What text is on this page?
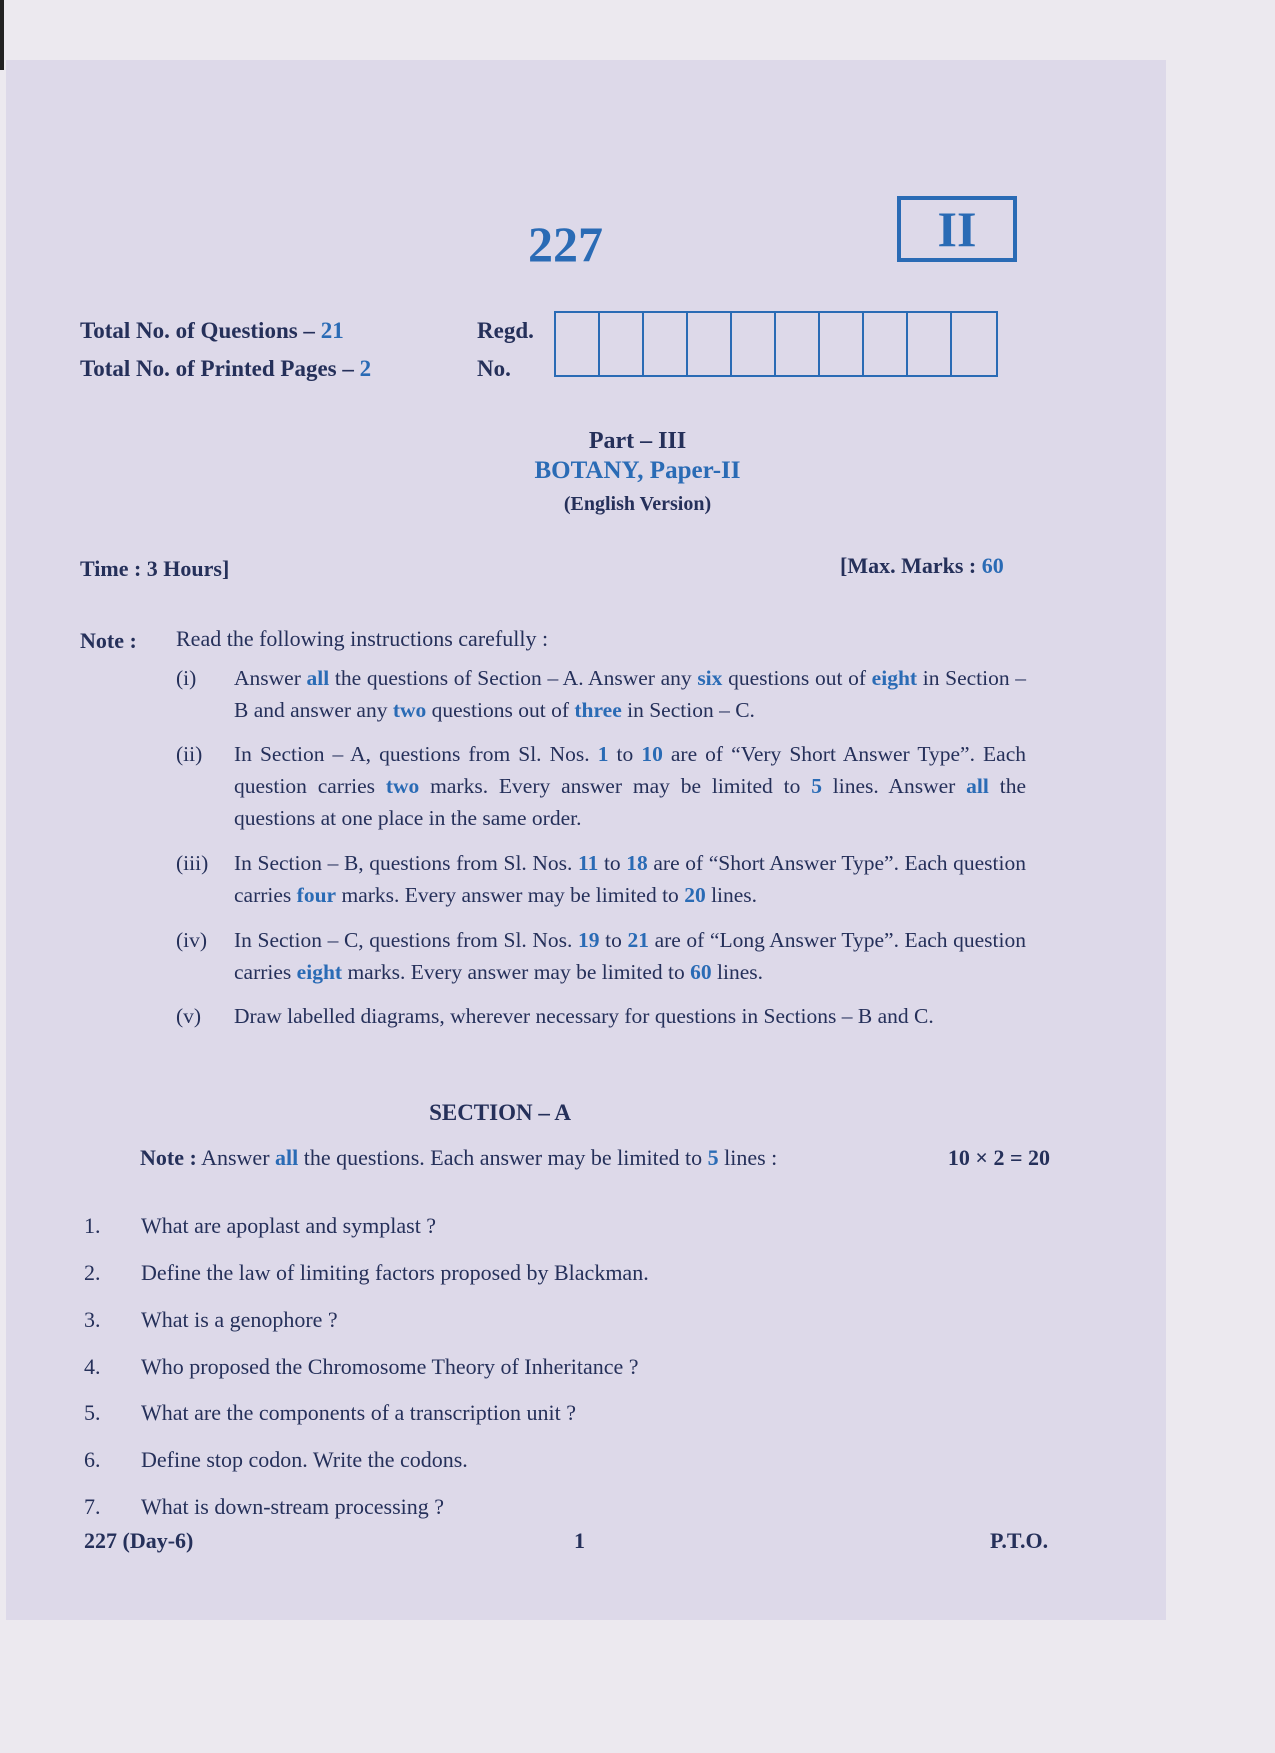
227	II
Total No. of Questions – 21
Total No. of Printed Pages – 2
Regd.
No.
Part – III
BOTANY, Paper-II
(English Version)
Time : 3 Hours]	[Max. Marks : 60
Note : Read the following instructions carefully :
(i)	Answer all the questions of Section – A. Answer any six questions out of eight in Section – B and answer any two questions out of three in Section – C.
(ii)	In Section – A, questions from Sl. Nos. 1 to 10 are of “Very Short Answer Type”. Each question carries two marks. Every answer may be limited to 5 lines. Answer all the questions at one place in the same order.
(iii)	In Section – B, questions from Sl. Nos. 11 to 18 are of “Short Answer Type”. Each question carries four marks. Every answer may be limited to 20 lines.
(iv)	In Section – C, questions from Sl. Nos. 19 to 21 are of “Long Answer Type”. Each question carries eight marks. Every answer may be limited to 60 lines.
(v)	Draw labelled diagrams, wherever necessary for questions in Sections – B and C.
SECTION – A
Note : Answer all the questions. Each answer may be limited to 5 lines :	10 × 2 = 20
1.	What are apoplast and symplast ?
2.	Define the law of limiting factors proposed by Blackman.
3.	What is a genophore ?
4.	Who proposed the Chromosome Theory of Inheritance ?
5.	What are the components of a transcription unit ?
6.	Define stop codon. Write the codons.
7.	What is down-stream processing ?
227 (Day-6)	1	P.T.O.
